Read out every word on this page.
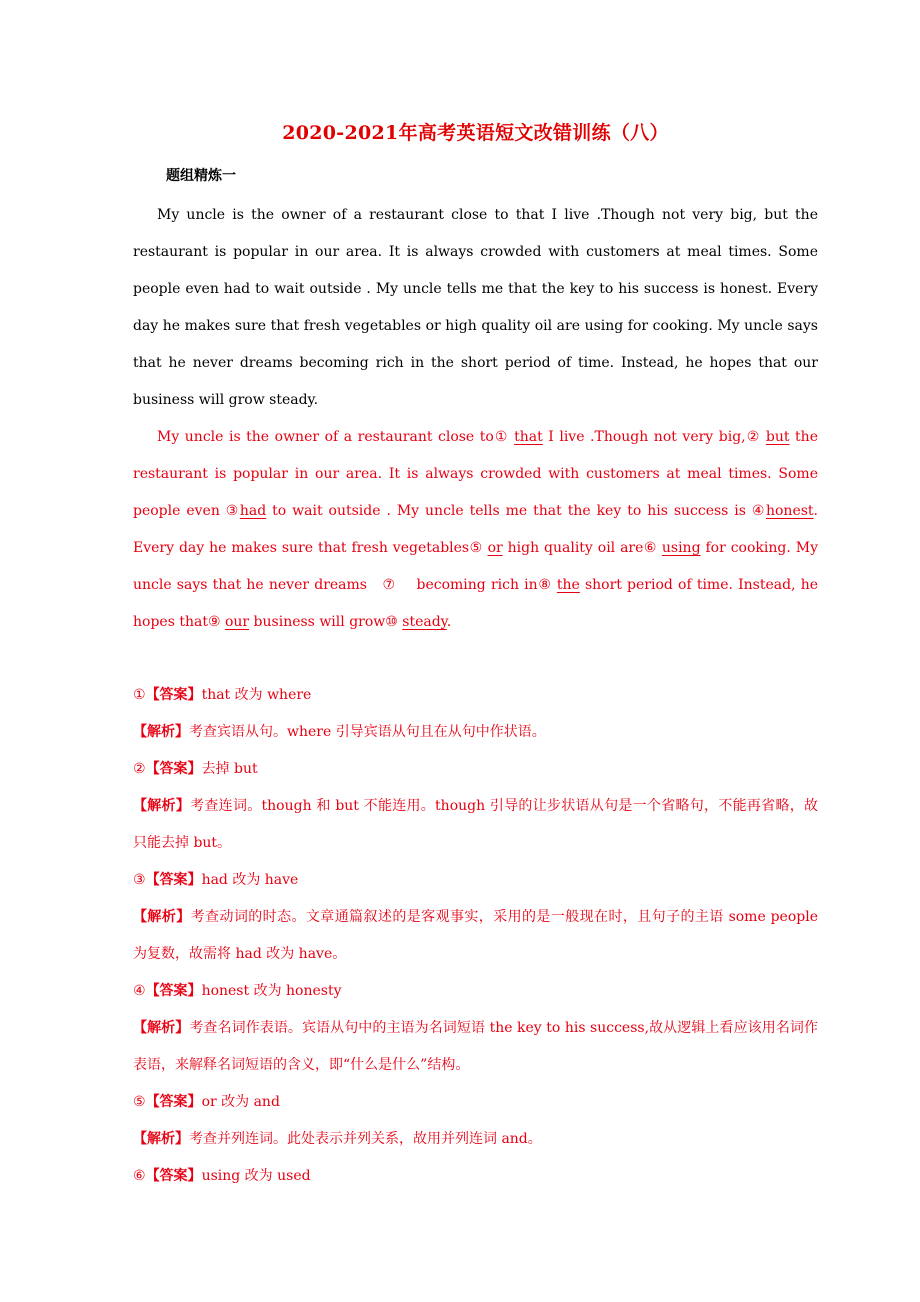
2020-2021年高考英语短文改错训练（八）
题组精炼一

My uncle is the owner of a restaurant close to that I live .Though not very big, but the restaurant is popular in our area. It is always crowded with customers at meal times. Some people even had to wait outside . My uncle tells me that the key to his success is honest. Every day he makes sure that fresh vegetables or high quality oil are using for cooking. My uncle says that he never dreams becoming rich in the short period of time. Instead, he hopes that our business will grow steady.

My uncle is the owner of a restaurant close to① that I live .Though not very big,② but the restaurant is popular in our area. It is always crowded with customers at meal times. Some people even ③had to wait outside . My uncle tells me that the key to his success is ④honest. Every day he makes sure that fresh vegetables⑤ or high quality oil are⑥ using for cooking. My uncle says that he never dreams   ⑦    becoming rich in⑧ the short period of time. Instead, he hopes that⑨ our business will grow⑩ steady.

①【答案】that 改为 where

【解析】考查宾语从句。where 引导宾语从句且在从句中作状语。

②【答案】去掉 but

【解析】考查连词。though 和 but 不能连用。though 引导的让步状语从句是一个省略句，不能再省略，故只能去掉 but。

③【答案】had 改为 have

【解析】考查动词的时态。文章通篇叙述的是客观事实，采用的是一般现在时，且句子的主语 some people 为复数，故需将 had 改为 have。

④【答案】honest 改为 honesty

【解析】考查名词作表语。宾语从句中的主语为名词短语 the key to his success,故从逻辑上看应该用名词作表语，来解释名词短语的含义，即“什么是什么”结构。

⑤【答案】or 改为 and

【解析】考查并列连词。此处表示并列关系，故用并列连词 and。

⑥【答案】using 改为 used
